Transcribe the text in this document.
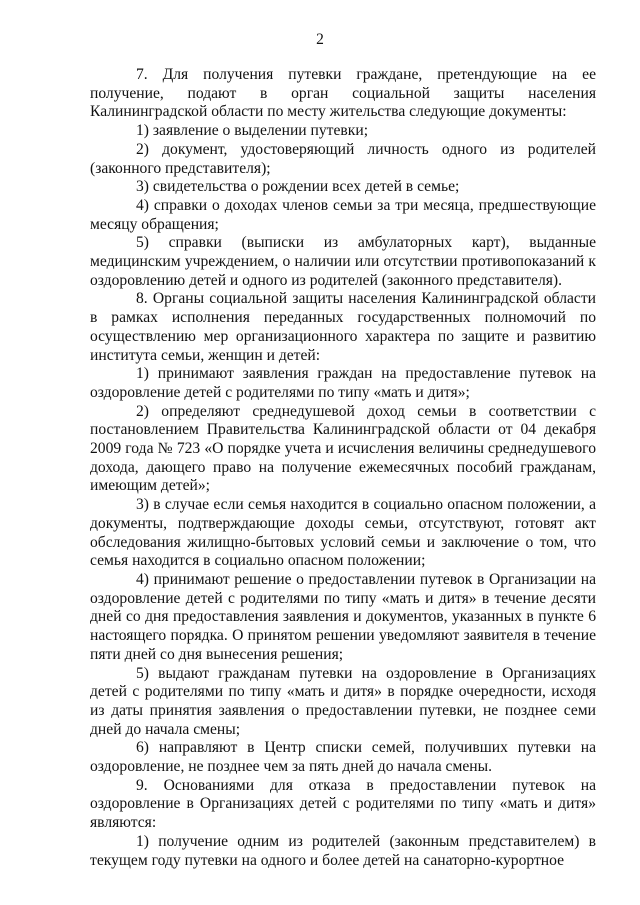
2

7. Для получения путевки граждане, претендующие на ее получение, подают в орган социальной защиты населения Калининградской области по месту жительства следующие документы:

1) заявление о выделении путевки;

2) документ, удостоверяющий личность одного из родителей (законного представителя);

3) свидетельства о рождении всех детей в семье;

4) справки о доходах членов семьи за три месяца, предшествующие месяцу обращения;

5) справки (выписки из амбулаторных карт), выданные медицинским учреждением, о наличии или отсутствии противопоказаний к оздоровлению детей и одного из родителей (законного представителя).

8. Органы социальной защиты населения Калининградской области в рамках исполнения переданных государственных полномочий по осуществлению мер организационного характера по защите и развитию института семьи, женщин и детей:

1) принимают заявления граждан на предоставление путевок на оздоровление детей с родителями по типу «мать и дитя»;

2) определяют среднедушевой доход семьи в соответствии с постановлением Правительства Калининградской области от 04 декабря 2009 года № 723 «О порядке учета и исчисления величины среднедушевого дохода, дающего право на получение ежемесячных пособий гражданам, имеющим детей»;

3) в случае если семья находится в социально опасном положении, а документы, подтверждающие доходы семьи, отсутствуют, готовят акт обследования жилищно-бытовых условий семьи и заключение о том, что семья находится в социально опасном положении;

4) принимают решение о предоставлении путевок в Организации на оздоровление детей с родителями по типу «мать и дитя» в течение десяти дней со дня предоставления заявления и документов, указанных в пункте 6 настоящего порядка. О принятом решении уведомляют заявителя в течение пяти дней со дня вынесения решения;

5) выдают гражданам путевки на оздоровление в Организациях детей с родителями по типу «мать и дитя» в порядке очередности, исходя из даты принятия заявления о предоставлении путевки, не позднее семи дней до начала смены;

6) направляют в Центр списки семей, получивших путевки на оздоровление, не позднее чем за пять дней до начала смены.

9. Основаниями для отказа в предоставлении путевок на оздоровление в Организациях детей с родителями по типу «мать и дитя» являются:

1) получение одним из родителей (законным представителем) в текущем году путевки на одного и более детей на санаторно-курортное
